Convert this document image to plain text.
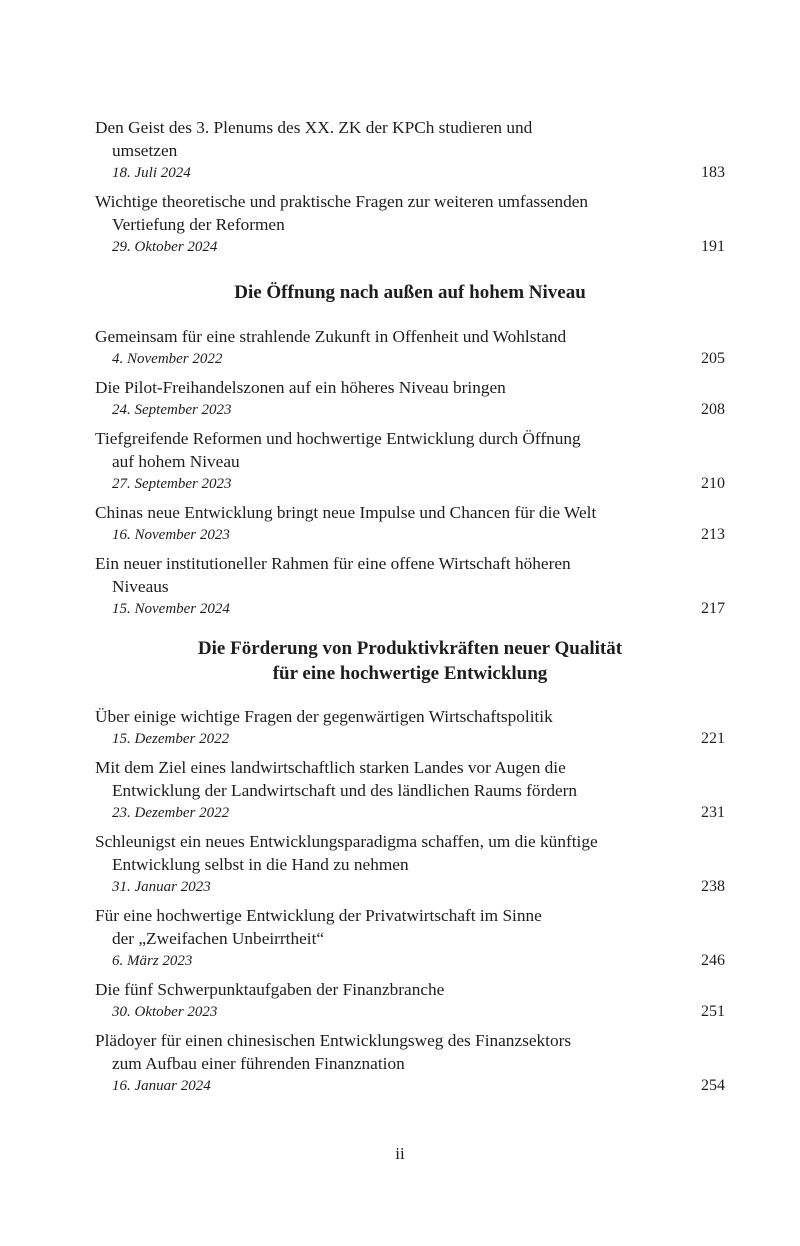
Den Geist des 3. Plenums des XX. ZK der KPCh studieren und
umsetzen
18. Juli 2024	183
Wichtige theoretische und praktische Fragen zur weiteren umfassenden
Vertiefung der Reformen
29. Oktober 2024	191
Die Öffnung nach außen auf hohem Niveau
Gemeinsam für eine strahlende Zukunft in Offenheit und Wohlstand
4. November 2022	205
Die Pilot-Freihandelszonen auf ein höheres Niveau bringen
24. September 2023	208
Tiefgreifende Reformen und hochwertige Entwicklung durch Öffnung
auf hohem Niveau
27. September 2023	210
Chinas neue Entwicklung bringt neue Impulse und Chancen für die Welt
16. November 2023	213
Ein neuer institutioneller Rahmen für eine offene Wirtschaft höheren
Niveaus
15. November 2024	217
Die Förderung von Produktivkräften neuer Qualität
für eine hochwertige Entwicklung
Über einige wichtige Fragen der gegenwärtigen Wirtschaftspolitik
15. Dezember 2022	221
Mit dem Ziel eines landwirtschaftlich starken Landes vor Augen die
Entwicklung der Landwirtschaft und des ländlichen Raums fördern
23. Dezember 2022	231
Schleunigst ein neues Entwicklungsparadigma schaffen, um die künftige
Entwicklung selbst in die Hand zu nehmen
31. Januar 2023	238
Für eine hochwertige Entwicklung der Privatwirtschaft im Sinne
der „Zweifachen Unbeirrtheit“
6. März 2023	246
Die fünf Schwerpunktaufgaben der Finanzbranche
30. Oktober 2023	251
Plädoyer für einen chinesischen Entwicklungsweg des Finanzsektors
zum Aufbau einer führenden Finanznation
16. Januar 2024	254
ii
